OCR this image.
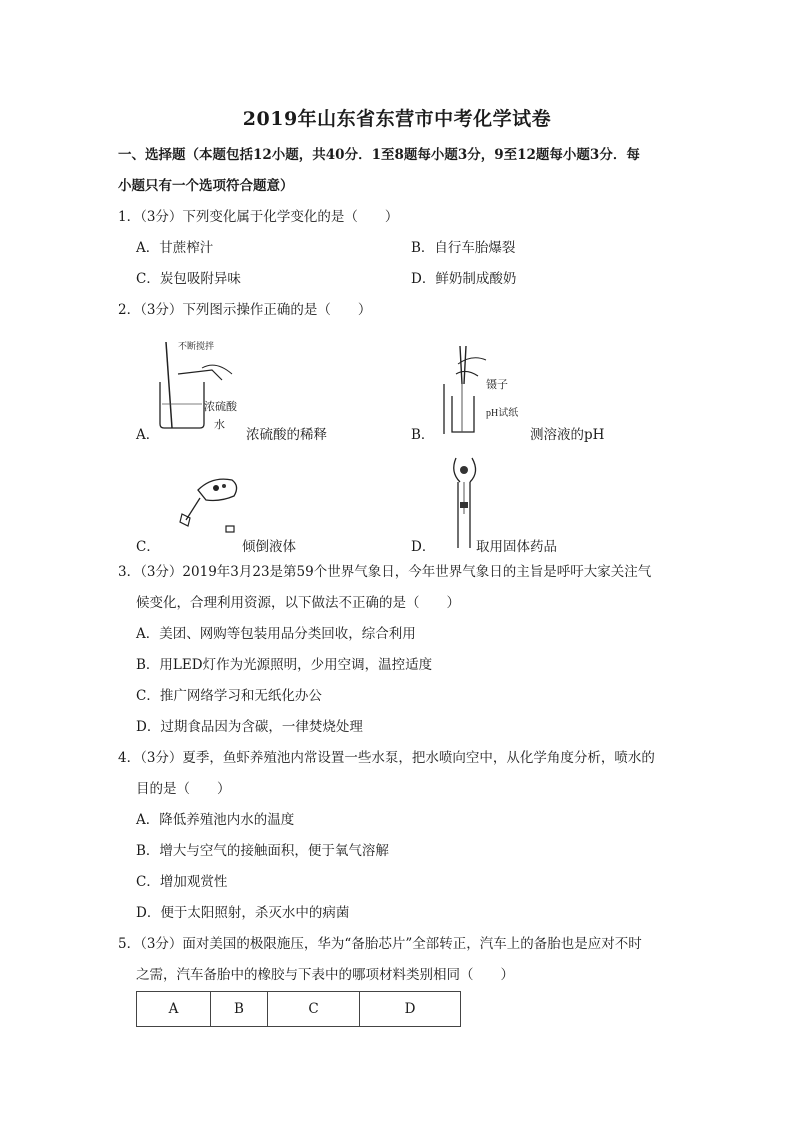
2019年山东省东营市中考化学试卷
一、选择题（本题包括12小题，共40分．1至8题每小题3分，9至12题每小题3分．每
小题只有一个选项符合题意）
1．（3分）下列变化属于化学变化的是（　　）
A．甘蔗榨汁	B．自行车胎爆裂
C．炭包吸附异味	D．鲜奶制成酸奶
2．（3分）下列图示操作正确的是（　　）
不断搅拌
浓硫酸
水
A．	浓硫酸的稀释
镊子
pH试纸
B．	测溶液的pH
C．	倾倒液体	D．	取用固体药品
3．（3分）2019年3月23是第59个世界气象日，今年世界气象日的主旨是呼吁大家关注气
候变化，合理利用资源，以下做法不正确的是（　　）
A．美团、网购等包装用品分类回收，综合利用
B．用LED灯作为光源照明，少用空调，温控适度
C．推广网络学习和无纸化办公
D．过期食品因为含碳，一律焚烧处理
4．（3分）夏季，鱼虾养殖池内常设置一些水泵，把水喷向空中，从化学角度分析，喷水的
目的是（　　）
A．降低养殖池内水的温度
B．增大与空气的接触面积，便于氧气溶解
C．增加观赏性
D．便于太阳照射，杀灭水中的病菌
5．（3分）面对美国的极限施压，华为“备胎芯片”全部转正，汽车上的备胎也是应对不时
之需，汽车备胎中的橡胶与下表中的哪项材料类别相同（　　）
A	B	C	D
